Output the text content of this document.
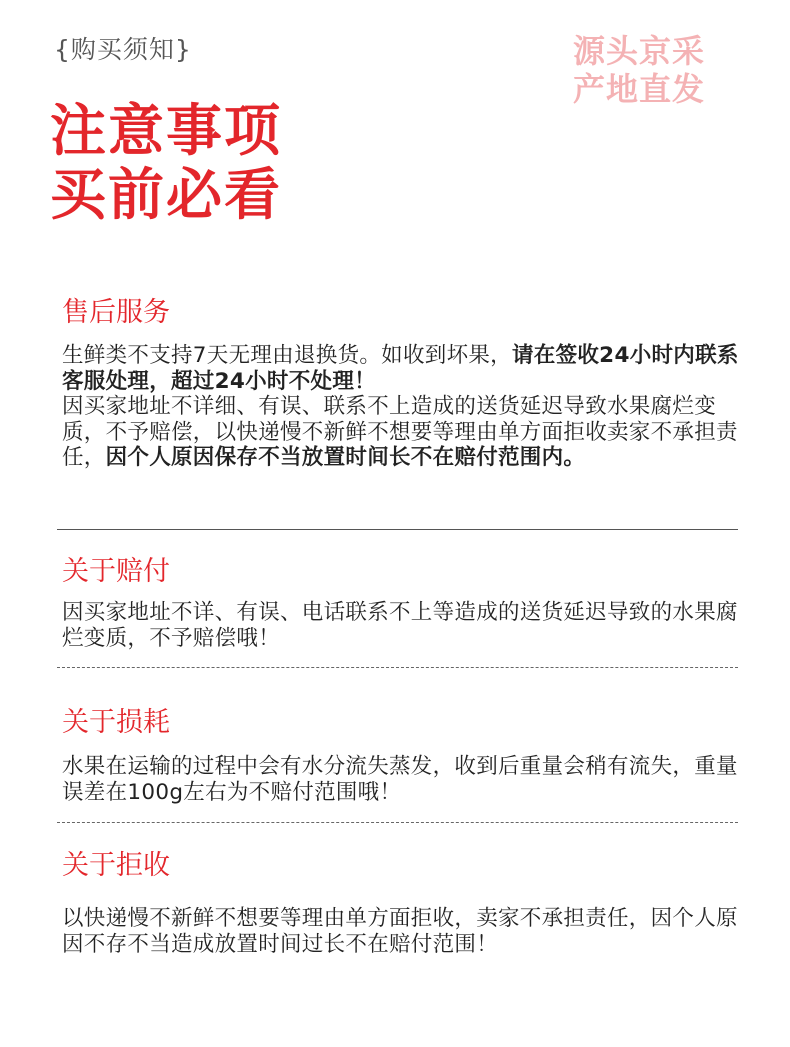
{购买须知}	源头京采
产地直发
注意事项
买前必看
售后服务
生鲜类不支持7天无理由退换货。如收到坏果，请在签收24小时内联系客服处理，超过24小时不处理！
因买家地址不详细、有误、联系不上造成的送货延迟导致水果腐烂变质，不予赔偿，以快递慢不新鲜不想要等理由单方面拒收卖家不承担责任，因个人原因保存不当放置时间长不在赔付范围内。
关于赔付
因买家地址不详、有误、电话联系不上等造成的送货延迟导致的水果腐烂变质，不予赔偿哦！
关于损耗
水果在运输的过程中会有水分流失蒸发，收到后重量会稍有流失，重量误差在100g左右为不赔付范围哦！
关于拒收
以快递慢不新鲜不想要等理由单方面拒收，卖家不承担责任，因个人原因不存不当造成放置时间过长不在赔付范围！
